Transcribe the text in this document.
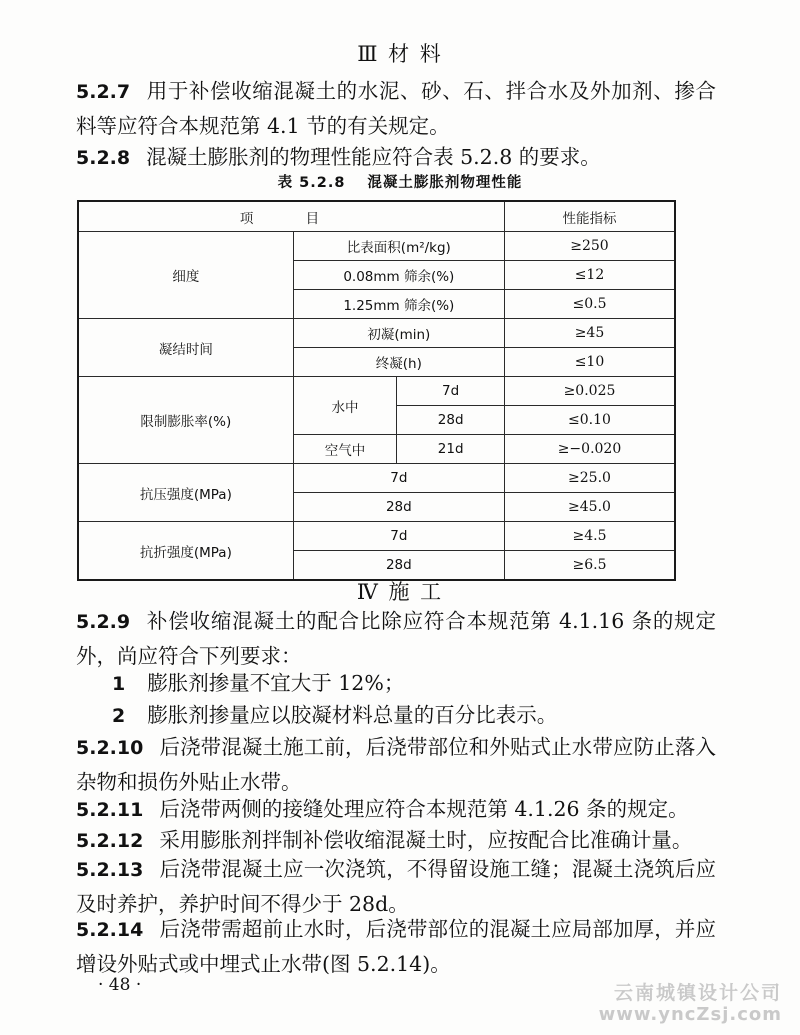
Ⅲ 材 料
5.2.7 用于补偿收缩混凝土的水泥、砂、石、拌合水及外加剂、掺合料等应符合本规范第 4.1 节的有关规定。
5.2.8 混凝土膨胀剂的物理性能应符合表 5.2.8 的要求。
表 5.2.8 混凝土膨胀剂物理性能
项 目			性能指标
细度	比表面积(m²/kg)		≥250
	0.08mm 筛余(%)		≤12
	1.25mm 筛余(%)		≤0.5
凝结时间	初凝(min)		≥45
	终凝(h)		≤10
限制膨胀率(%)	水中	7d	≥0.025
		28d	≤0.10
	空气中	21d	≥−0.020
抗压强度(MPa)	7d		≥25.0
	28d		≥45.0
抗折强度(MPa)	7d		≥4.5
	28d		≥6.5
Ⅳ 施 工
5.2.9 补偿收缩混凝土的配合比除应符合本规范第 4.1.16 条的规定外，尚应符合下列要求：
1 膨胀剂掺量不宜大于 12%；
2 膨胀剂掺量应以胶凝材料总量的百分比表示。
5.2.10 后浇带混凝土施工前，后浇带部位和外贴式止水带应防止落入杂物和损伤外贴止水带。
5.2.11 后浇带两侧的接缝处理应符合本规范第 4.1.26 条的规定。
5.2.12 采用膨胀剂拌制补偿收缩混凝土时，应按配合比准确计量。
5.2.13 后浇带混凝土应一次浇筑，不得留设施工缝；混凝土浇筑后应及时养护，养护时间不得少于 28d。
5.2.14 后浇带需超前止水时，后浇带部位的混凝土应局部加厚，并应增设外贴式或中埋式止水带(图 5.2.14)。
· 48 ·	云南城镇设计公司
www.yncZsj.com
